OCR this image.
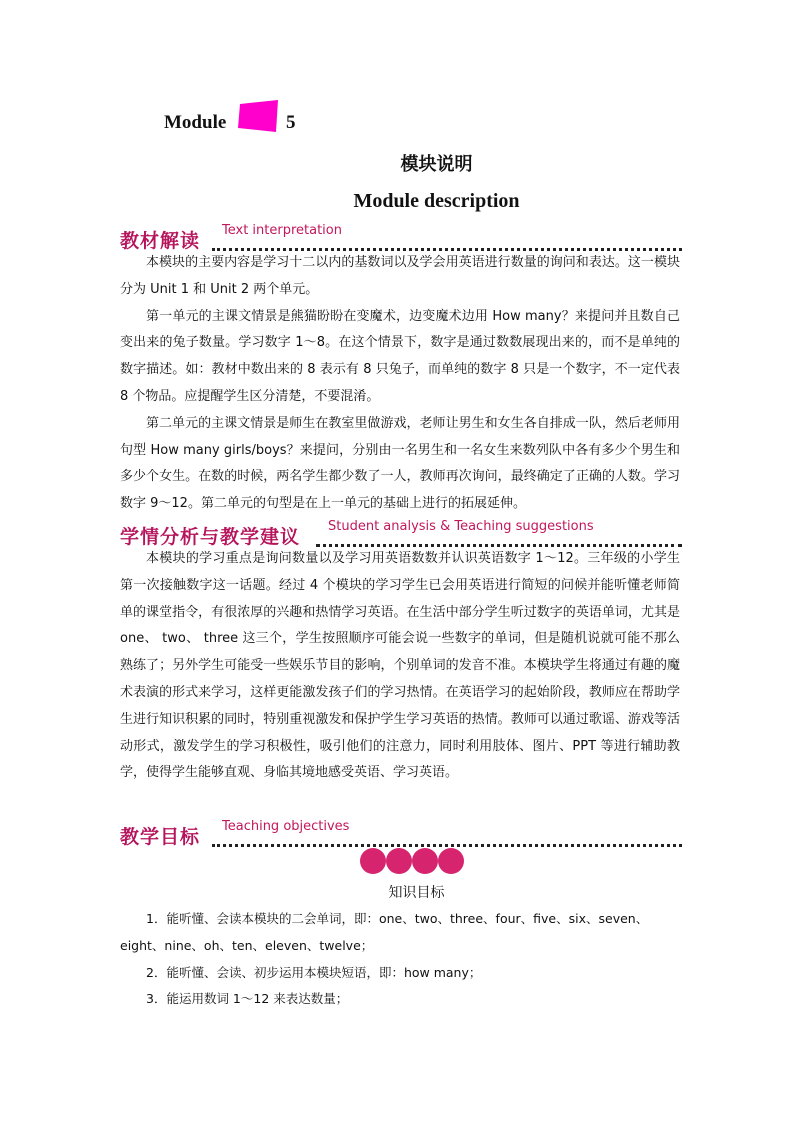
Module	5
模块说明
Module description
教材解读 Text interpretation

本模块的主要内容是学习十二以内的基数词以及学会用英语进行数量的询问和表达。这一模块分为 Unit 1 和 Unit 2 两个单元。

第一单元的主课文情景是熊猫盼盼在变魔术，边变魔术边用 How many？来提问并且数自己变出来的兔子数量。学习数字 1～8。在这个情景下，数字是通过数数展现出来的，而不是单纯的数字描述。如：教材中数出来的 8 表示有 8 只兔子，而单纯的数字 8 只是一个数字，不一定代表 8 个物品。应提醒学生区分清楚，不要混淆。

第二单元的主课文情景是师生在教室里做游戏，老师让男生和女生各自排成一队，然后老师用句型 How many girls/boys？来提问，分别由一名男生和一名女生来数列队中各有多少个男生和多少个女生。在数的时候，两名学生都少数了一人，教师再次询问，最终确定了正确的人数。学习数字 9～12。第二单元的句型是在上一单元的基础上进行的拓展延伸。

学情分析与教学建议 Student analysis & Teaching suggestions

本模块的学习重点是询问数量以及学习用英语数数并认识英语数字 1～12。三年级的小学生第一次接触数字这一话题。经过 4 个模块的学习学生已会用英语进行简短的问候并能听懂老师简单的课堂指令，有很浓厚的兴趣和热情学习英语。在生活中部分学生听过数字的英语单词，尤其是 one、 two、 three 这三个，学生按照顺序可能会说一些数字的单词，但是随机说就可能不那么熟练了；另外学生可能受一些娱乐节目的影响，个别单词的发音不准。本模块学生将通过有趣的魔术表演的形式来学习，这样更能激发孩子们的学习热情。在英语学习的起始阶段，教师应在帮助学生进行知识积累的同时，特别重视激发和保护学生学习英语的热情。教师可以通过歌谣、游戏等活动形式，激发学生的学习积极性，吸引他们的注意力，同时利用肢体、图片、PPT 等进行辅助教学，使得学生能够直观、身临其境地感受英语、学习英语。

教学目标 Teaching objectives
知识目标

1．能听懂、会读本模块的二会单词，即：one、two、three、four、five、six、seven、eight、nine、oh、ten、eleven、twelve；

2．能听懂、会读、初步运用本模块短语，即：how many；

3．能运用数词 1～12 来表达数量；
